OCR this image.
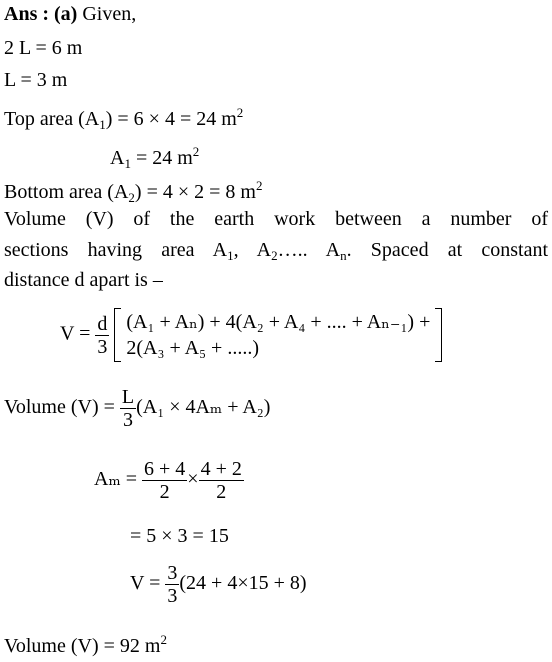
Ans : (a) Given,
2 L = 6 m
L = 3 m
Top area $(A_1) = 6 \times 4 = 24$ $m^2$
$A_1 = 24$ $m^2$
Bottom area $(A_2) = 4 \times 2 = 8$ $m^2$
Volume (V) of the earth work between a number of
sections having area $A_1$, $A_2\dots$.. $A_n$. Spaced at constant
distance d apart is –
$V = \frac{d}{3}$
(A₁ + Aₙ) + 4(A₂ + A₄ + .... + Aₙ₋₁) +
2(A₃ + A₅ + .....)

Volume $(V) = \frac{L}{3} (A_1 \times 4A_m + A_2)$
$A_m = \frac{6 + 4}{2} \times \frac{4 + 2}{2}$
= 5 × 3 = 15
$V = \frac{3}{3} (24 + 4\times 15 + 8)$
Volume (V) = 92 $m^2$
